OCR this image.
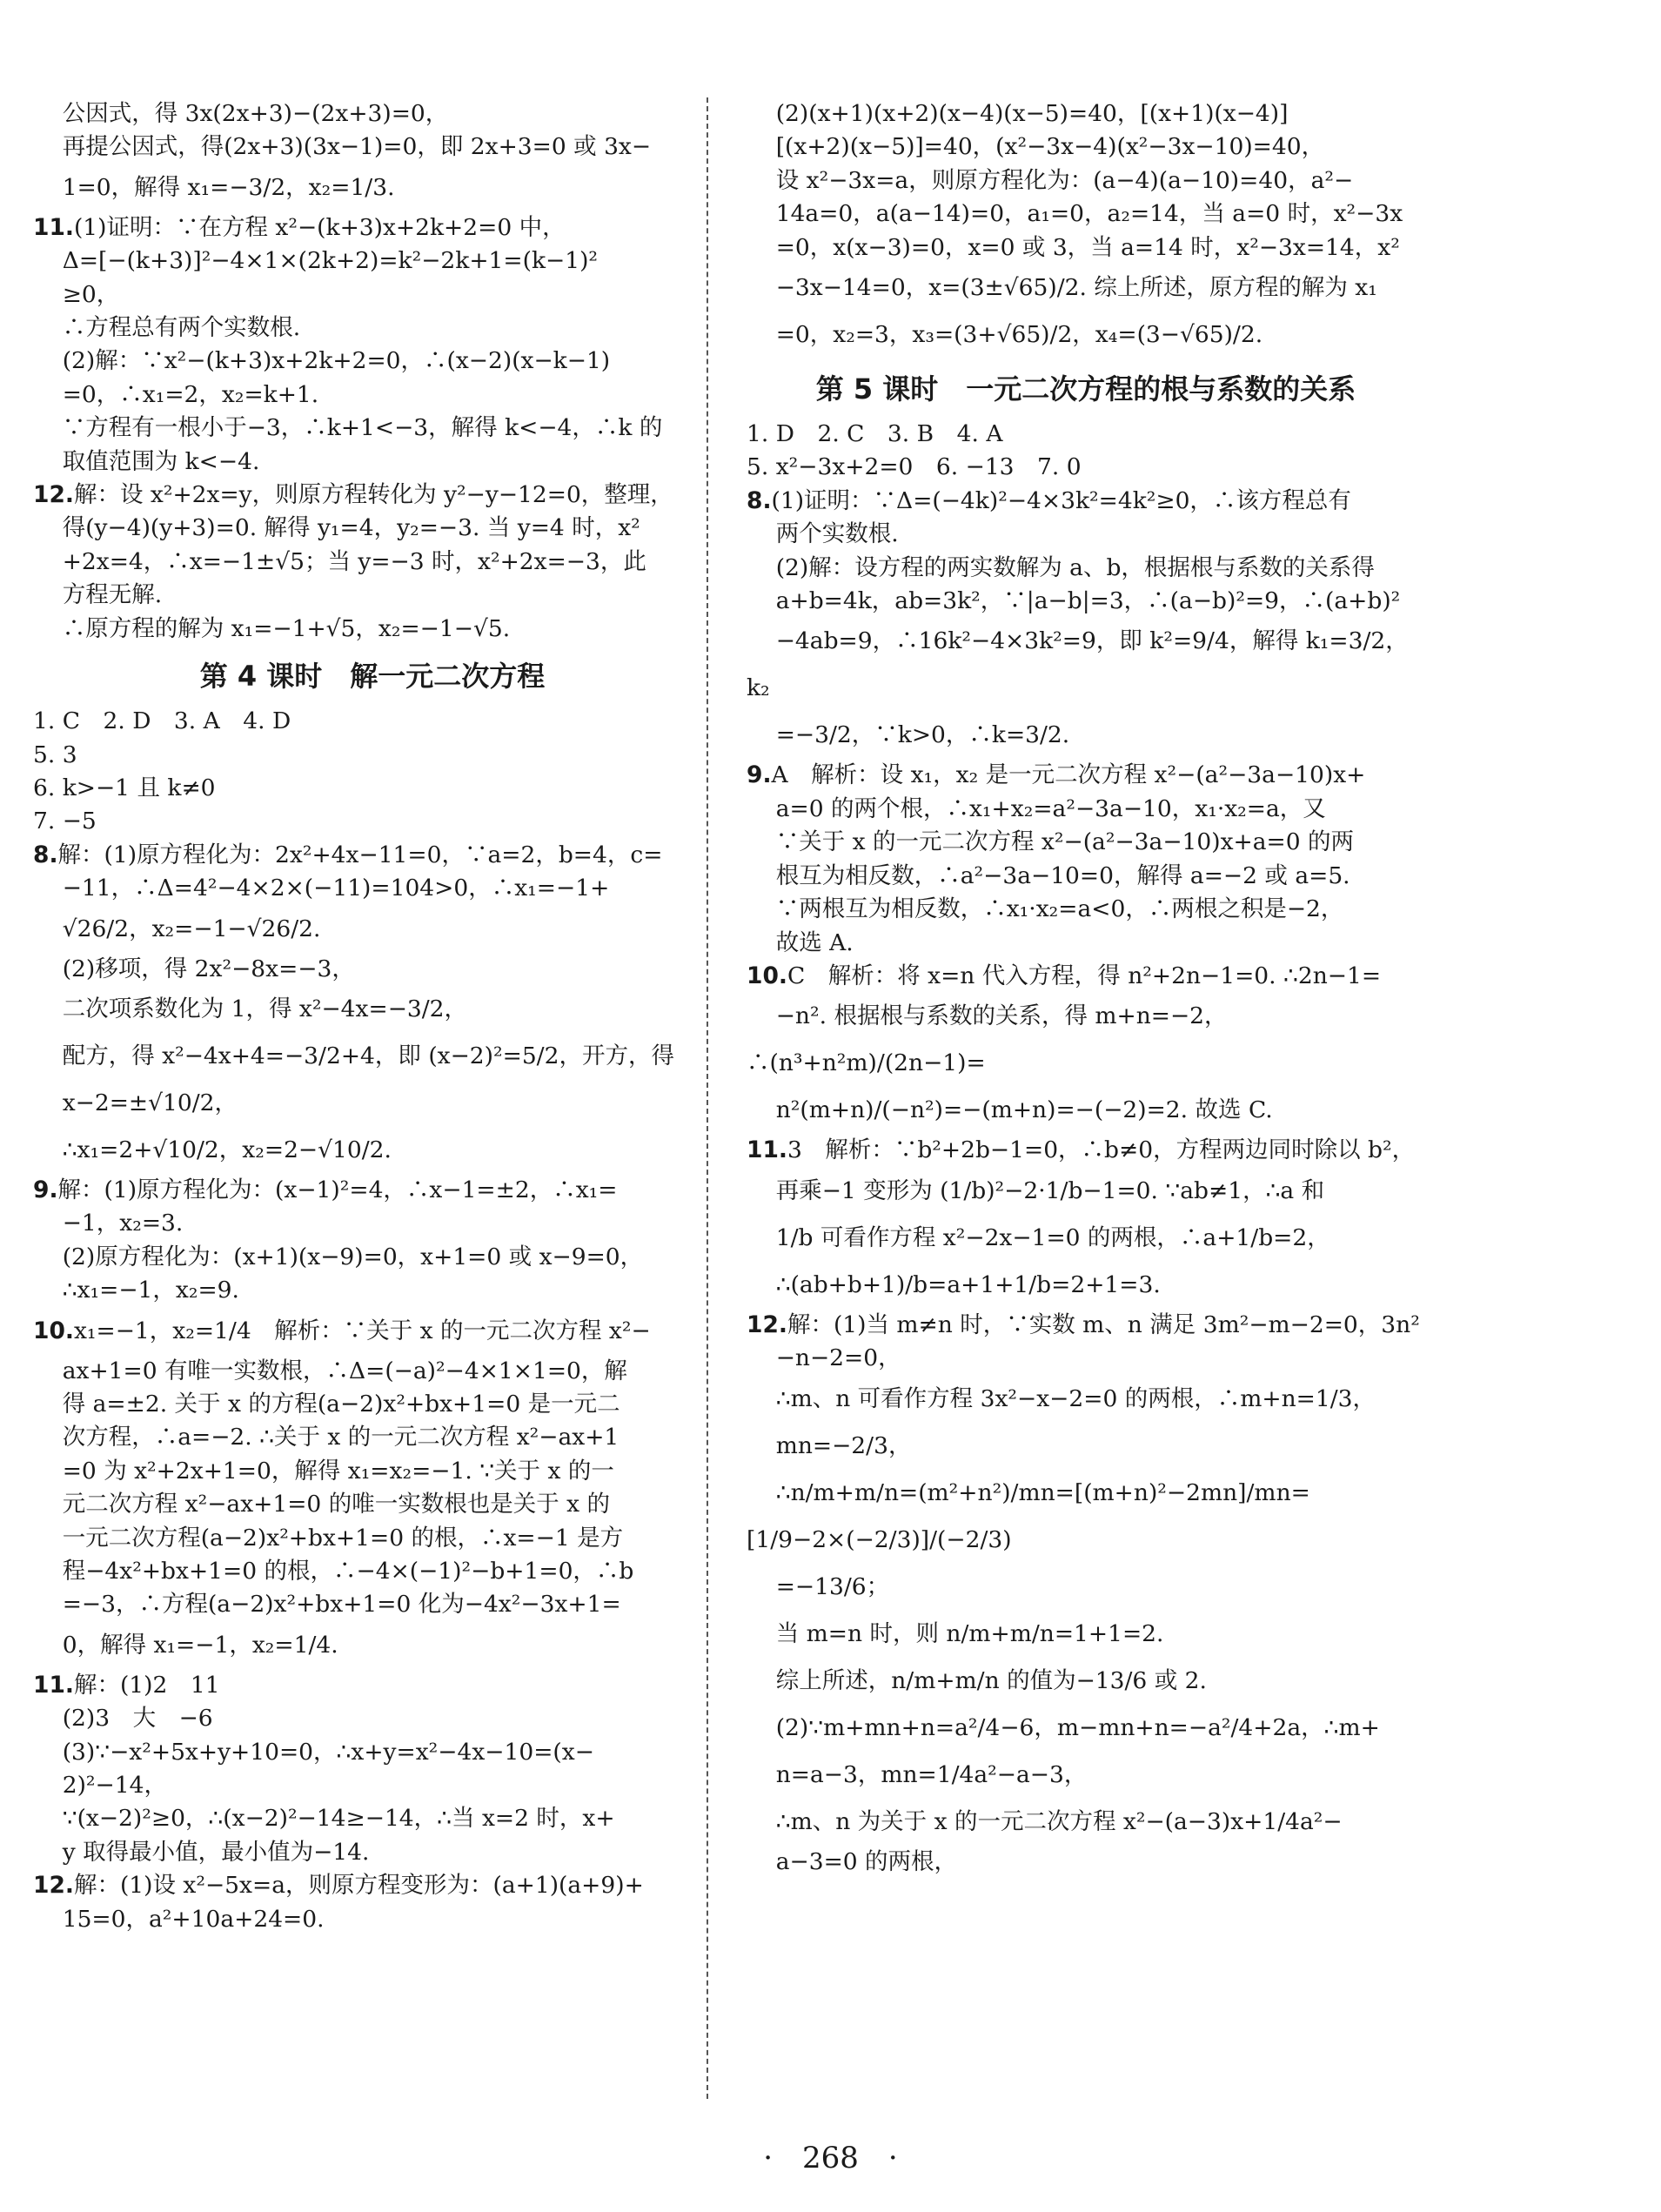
公因式，得 3x(2x+3)−(2x+3)=0，

再提公因式，得(2x+3)(3x−1)=0，即 2x+3=0 或 3x−

1=0，解得 x₁=−3/2，x₂=1/3.

11.(1)证明：∵在方程 x²−(k+3)x+2k+2=0 中，

Δ=[−(k+3)]²−4×1×(2k+2)=k²−2k+1=(k−1)²

≥0，

∴方程总有两个实数根.

(2)解：∵x²−(k+3)x+2k+2=0，∴(x−2)(x−k−1)

=0，∴x₁=2，x₂=k+1.

∵方程有一根小于−3，∴k+1<−3，解得 k<−4，∴k 的

取值范围为 k<−4.

12.解：设 x²+2x=y，则原方程转化为 y²−y−12=0，整理，

得(y−4)(y+3)=0. 解得 y₁=4，y₂=−3. 当 y=4 时，x²

+2x=4，∴x=−1±√5；当 y=−3 时，x²+2x=−3，此

方程无解.

∴原方程的解为 x₁=−1+√5，x₂=−1−√5.

第 4 课时　解一元二次方程

1. C　2. D　3. A　4. D

5. 3

6. k>−1 且 k≠0

7. −5

8.解：(1)原方程化为：2x²+4x−11=0，∵a=2，b=4，c=

−11，∴Δ=4²−4×2×(−11)=104>0，∴x₁=−1+

√26/2，x₂=−1−√26/2.

(2)移项，得 2x²−8x=−3，

二次项系数化为 1，得 x²−4x=−3/2，

配方，得 x²−4x+4=−3/2+4，即 (x−2)²=5/2，开方，得

x−2=±√10/2，

∴x₁=2+√10/2，x₂=2−√10/2.

9.解：(1)原方程化为：(x−1)²=4，∴x−1=±2，∴x₁=

−1，x₂=3.

(2)原方程化为：(x+1)(x−9)=0，x+1=0 或 x−9=0，

∴x₁=−1，x₂=9.

10.x₁=−1，x₂=1/4　解析：∵关于 x 的一元二次方程 x²−

ax+1=0 有唯一实数根，∴Δ=(−a)²−4×1×1=0，解

得 a=±2. 关于 x 的方程(a−2)x²+bx+1=0 是一元二

次方程，∴a=−2. ∴关于 x 的一元二次方程 x²−ax+1

=0 为 x²+2x+1=0，解得 x₁=x₂=−1. ∵关于 x 的一

元二次方程 x²−ax+1=0 的唯一实数根也是关于 x 的

一元二次方程(a−2)x²+bx+1=0 的根，∴x=−1 是方

程−4x²+bx+1=0 的根，∴−4×(−1)²−b+1=0，∴b

=−3，∴方程(a−2)x²+bx+1=0 化为−4x²−3x+1=

0，解得 x₁=−1，x₂=1/4.

11.解：(1)2　11

(2)3　大　−6

(3)∵−x²+5x+y+10=0，∴x+y=x²−4x−10=(x−

2)²−14，

∵(x−2)²≥0，∴(x−2)²−14≥−14，∴当 x=2 时，x+

y 取得最小值，最小值为−14.

12.解：(1)设 x²−5x=a，则原方程变形为：(a+1)(a+9)+

15=0，a²+10a+24=0.

(2)(x+1)(x+2)(x−4)(x−5)=40，[(x+1)(x−4)]

[(x+2)(x−5)]=40，(x²−3x−4)(x²−3x−10)=40，

设 x²−3x=a，则原方程化为：(a−4)(a−10)=40，a²−

14a=0，a(a−14)=0，a₁=0，a₂=14，当 a=0 时，x²−3x

=0，x(x−3)=0，x=0 或 3，当 a=14 时，x²−3x=14，x²

−3x−14=0，x=(3±√65)/2. 综上所述，原方程的解为 x₁

=0，x₂=3，x₃=(3+√65)/2，x₄=(3−√65)/2.

第 5 课时　一元二次方程的根与系数的关系

1. D　2. C　3. B　4. A

5. x²−3x+2=0　6. −13　7. 0

8.(1)证明：∵Δ=(−4k)²−4×3k²=4k²≥0，∴该方程总有

两个实数根.

(2)解：设方程的两实数解为 a、b，根据根与系数的关系得

a+b=4k，ab=3k²，∵|a−b|=3，∴(a−b)²=9，∴(a+b)²

−4ab=9，∴16k²−4×3k²=9，即 k²=9/4，解得 k₁=3/2，k₂

=−3/2，∵k>0，∴k=3/2.

9.A　解析：设 x₁，x₂ 是一元二次方程 x²−(a²−3a−10)x+

a=0 的两个根，∴x₁+x₂=a²−3a−10，x₁·x₂=a，又

∵关于 x 的一元二次方程 x²−(a²−3a−10)x+a=0 的两

根互为相反数，∴a²−3a−10=0，解得 a=−2 或 a=5.

∵两根互为相反数，∴x₁·x₂=a<0，∴两根之积是−2，

故选 A.

10.C　解析：将 x=n 代入方程，得 n²+2n−1=0. ∴2n−1=

−n². 根据根与系数的关系，得 m+n=−2，∴(n³+n²m)/(2n−1)=

n²(m+n)/(−n²)=−(m+n)=−(−2)=2. 故选 C.

11.3　解析：∵b²+2b−1=0，∴b≠0，方程两边同时除以 b²，

再乘−1 变形为 (1/b)²−2·1/b−1=0. ∵ab≠1，∴a 和

1/b 可看作方程 x²−2x−1=0 的两根，∴a+1/b=2，

∴(ab+b+1)/b=a+1+1/b=2+1=3.

12.解：(1)当 m≠n 时，∵实数 m、n 满足 3m²−m−2=0，3n²

−n−2=0，

∴m、n 可看作方程 3x²−x−2=0 的两根，∴m+n=1/3，

mn=−2/3，

∴n/m+m/n=(m²+n²)/mn=[(m+n)²−2mn]/mn=[1/9−2×(−2/3)]/(−2/3)

=−13/6；

当 m=n 时，则 n/m+m/n=1+1=2.

综上所述，n/m+m/n 的值为−13/6 或 2.

(2)∵m+mn+n=a²/4−6，m−mn+n=−a²/4+2a，∴m+

n=a−3，mn=1/4a²−a−3，

∴m、n 为关于 x 的一元二次方程 x²−(a−3)x+1/4a²−

a−3=0 的两根，

·　268　·
